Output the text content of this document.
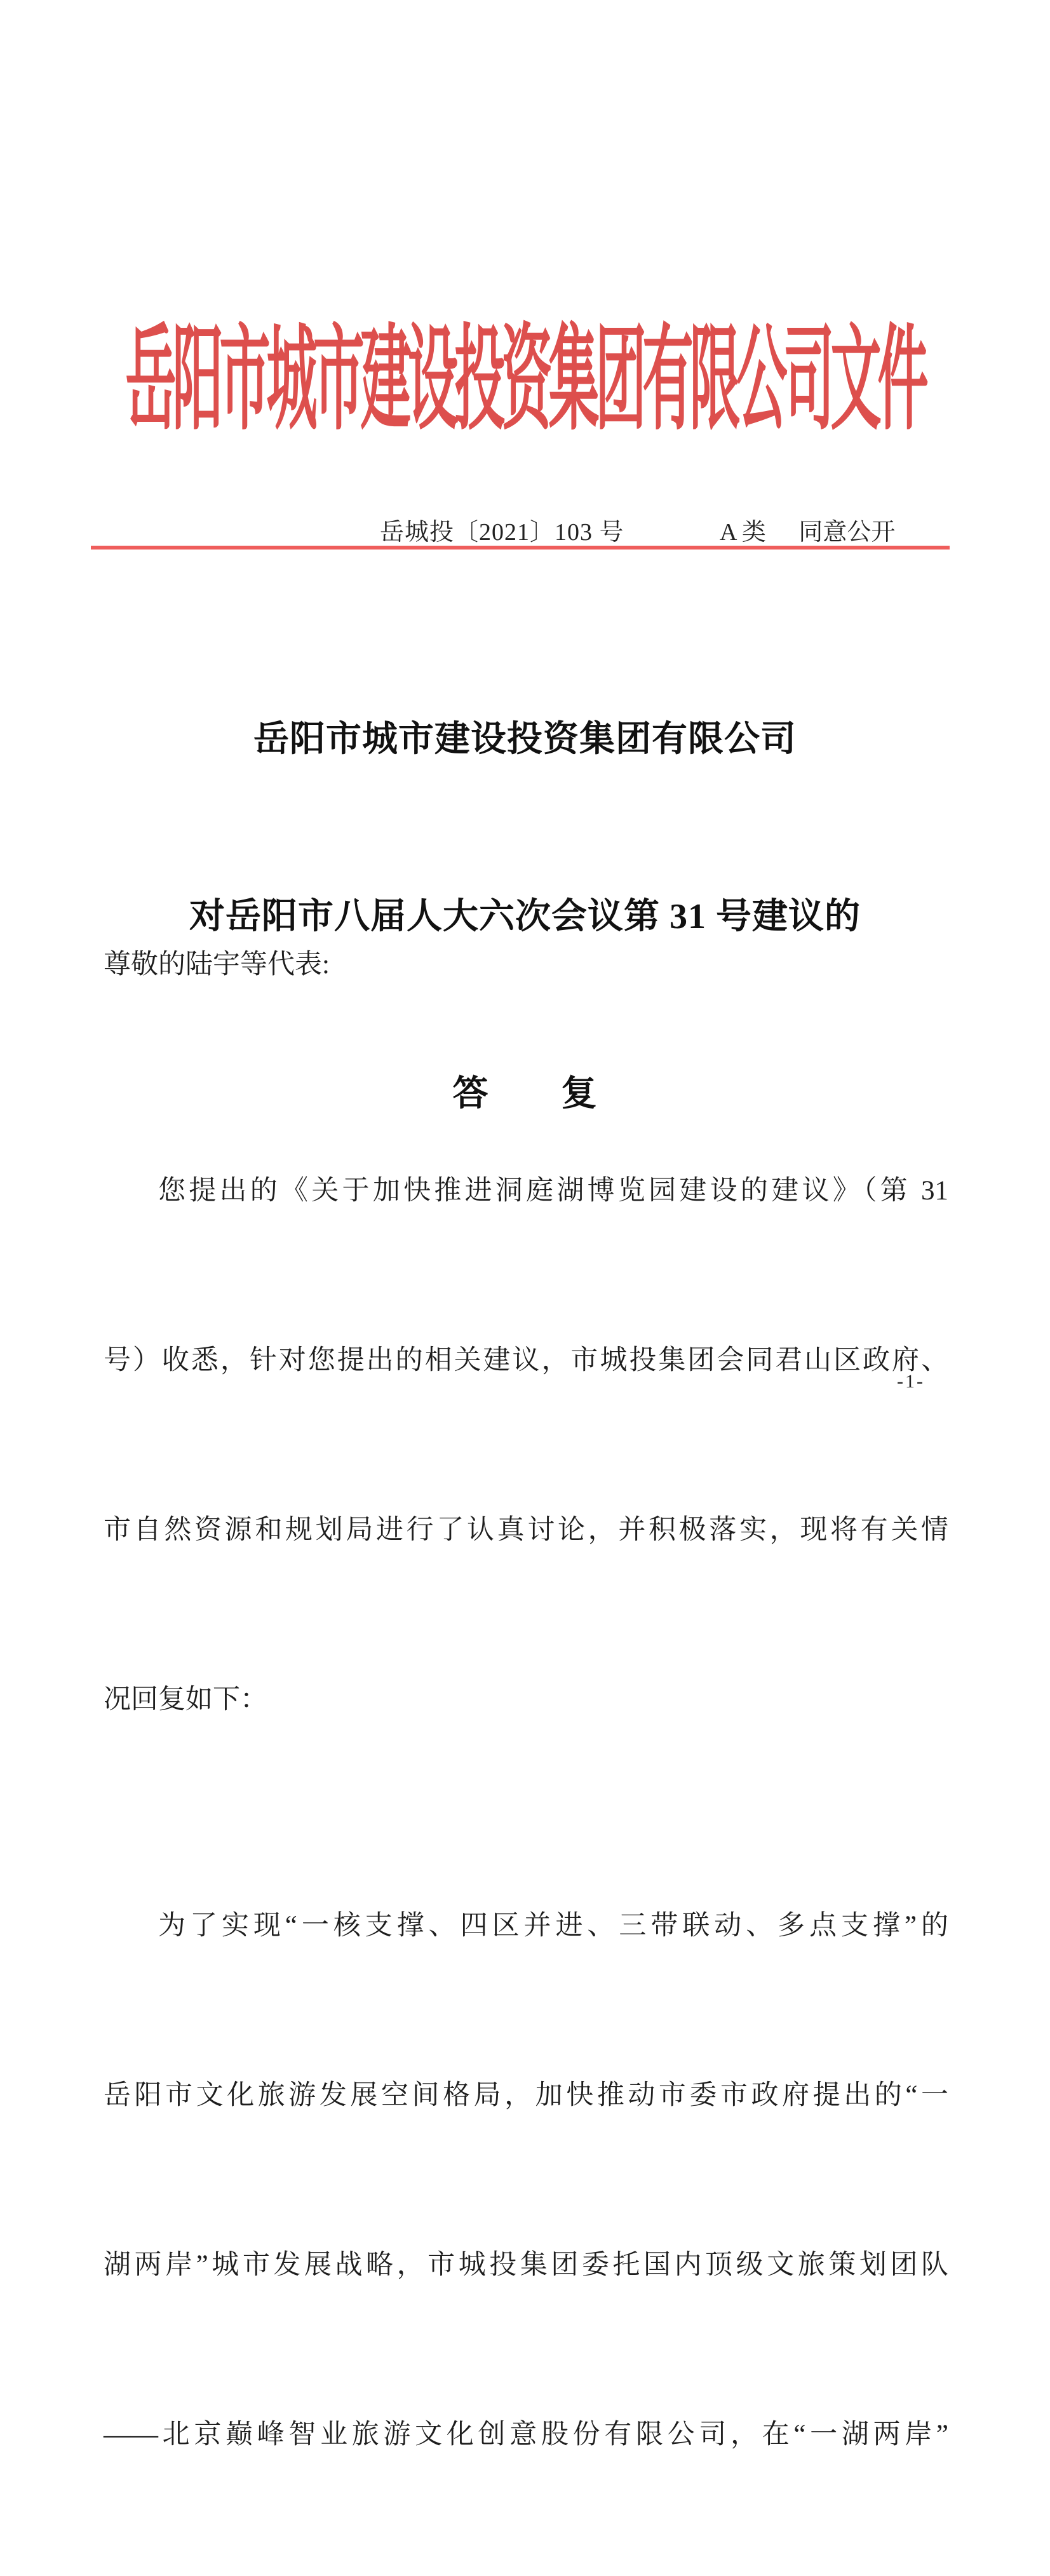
岳阳市城市建设投资集团有限公司文件
岳城投〔2021〕103 号	A 类 同意公开

岳阳市城市建设投资集团有限公司

对岳阳市八届人大六次会议第 31 号建议的

答　　复

尊敬的陆宇等代表:

您提出的《关于加快推进洞庭湖博览园建设的建议》（第 31

号）收悉，针对您提出的相关建议，市城投集团会同君山区政府、

市自然资源和规划局进行了认真讨论，并积极落实，现将有关情

况回复如下：

为了实现“一核支撑、四区并进、三带联动、多点支撑”的

岳阳市文化旅游发展空间格局，加快推动市委市政府提出的“一

湖两岸”城市发展战略，市城投集团委托国内顶级文旅策划团队

——北京巅峰智业旅游文化创意股份有限公司，在“一湖两岸”

-1-
